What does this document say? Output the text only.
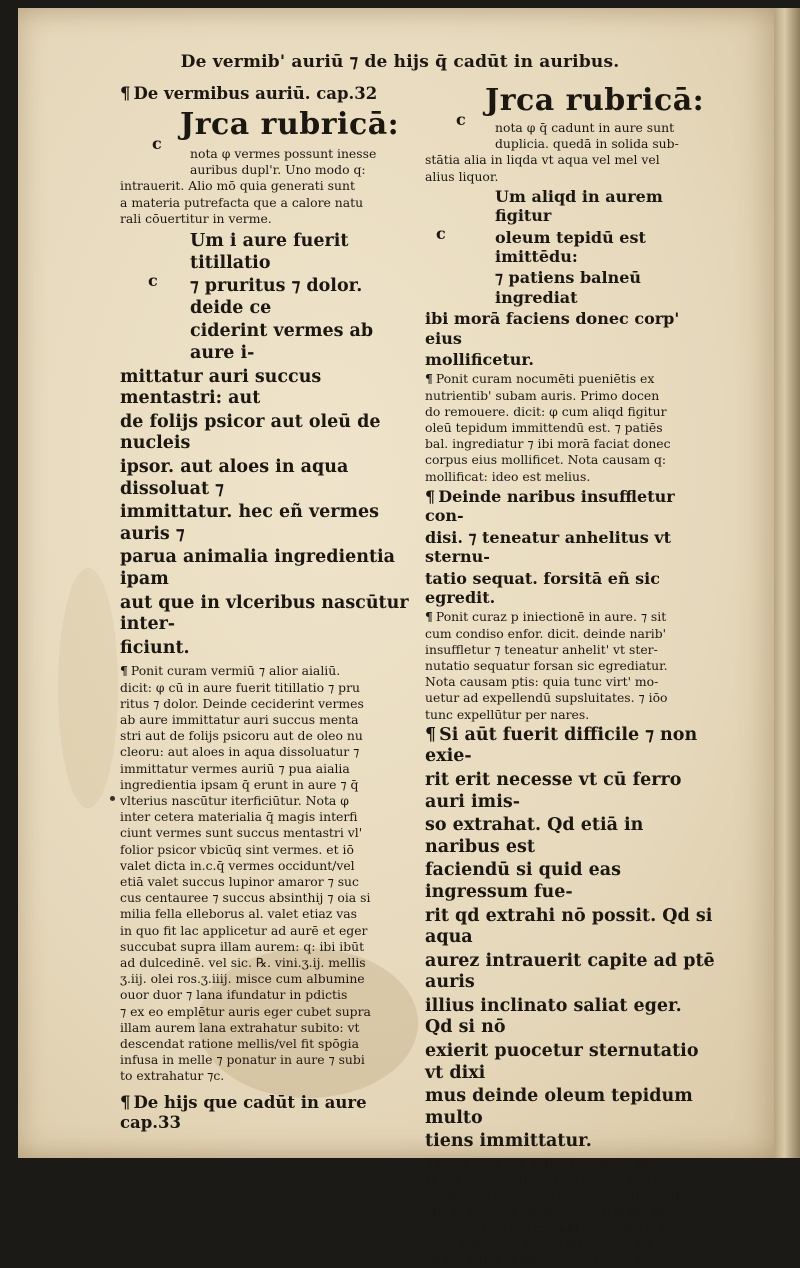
De vermib' auriū ⁊ de hijs q̄ cadūt in auribus.
c
c
c
c
¶ De vermibus auriū. cap.32
Jrca rubricā:
nota φ vermes possunt inesse
auribus dupl'r. Uno modo q:
intrauerit. Alio mō quia generati sunt
a materia putrefacta que a calore natu
rali cōuertitur in verme.
Um i aure fuerit titillatio
⁊ pruritus ⁊ dolor. deide ce
ciderint vermes ab aure i-
mittatur auri succus mentastri: aut
de folijs psicor aut oleū de nucleis
ipsor. aut aloes in aqua dissoluat ⁊
immittatur. hec eñ vermes auris ⁊
parua animalia ingredientia ipam
aut que in vlceribus nascūtur inter-
ficiunt.
¶ Ponit curam vermiū ⁊ alior aialiū.
dicit: φ cū in aure fuerit titillatio ⁊ pru
ritus ⁊ dolor. Deinde ceciderint vermes
ab aure immittatur auri succus menta
stri aut de folijs psicoru aut de oleo nu
cleoru: aut aloes in aqua dissoluatur ⁊
immittatur vermes auriū ⁊ pua aialia
ingredientia ipsam q̄ erunt in aure ⁊ q̄
vlterius nascūtur iterficiūtur. Nota φ
inter cetera materialia q̄ magis interfi
ciunt vermes sunt succus mentastri vl'
folior psicor vbicūq sint vermes. et iō
valet dicta in.c.q̄ vermes occidunt/vel
etiā valet succus lupinor amaror ⁊ suc
cus centauree ⁊ succus absinthij ⁊ oia si
milia fella elleborus al. valet etiaz vas
in quo fit lac applicetur ad aurē et eger
succubat supra illam aurem: q: ibi ibūt
ad dulcedinē. vel sic. ℞. vini.ʒ.ij. mellis
ʒ.iij. olei ros.ʒ.iiij. misce cum albumine
ouor duor ⁊ lana ifundatur in pdictis
⁊ ex eo emplētur auris eger cubet supra
illam aurem lana extrahatur subito: vt
descendat ratione mellis/vel fit spōgia
infusa in melle ⁊ ponatur in aure ⁊ subi
to extrahatur ⁊c.
¶ De hijs que cadūt in aure cap.33
Jrca rubricā:
nota φ q̄ cadunt in aure sunt
duplicia. quedā in solida sub-
stātia alia in liqda vt aqua vel mel vel
alius liquor.
Um aliqd in aurem figitur
oleum tepidū est imittēdu:
⁊ patiens balneū ingrediat
ibi morā faciens donec corp' eius
mollificetur.
¶ Ponit curam nocumēti pueniētis ex
nutrientib' subam auris. Primo docen
do remouere. dicit: φ cum aliqd figitur
oleū tepidum immittendū est. ⁊ patiēs
bal. ingrediatur ⁊ ibi morā faciat donec
corpus eius mollificet. Nota causam q:
mollificat: ideo est melius.
¶ Deinde naribus insuffletur con-
disi. ⁊ teneatur anhelitus vt sternu-
tatio sequat. forsitā eñ sic egredit.
¶ Ponit curaz p iniectionē in aure. ⁊ sit
cum condiso enfor. dicit. deinde narib'
insuffletur ⁊ teneatur anhelit' vt ster-
nutatio sequatur forsan sic egrediatur.
Nota causam ptis: quia tunc virt' mo-
uetur ad expellendū supsluitates. ⁊ iōo
tunc expellūtur per nares.
¶ Si aūt fuerit difficile ⁊ non exie-
rit erit necesse vt cū ferro auri imis-
so extrahat. Qd etiā in naribus est
faciendū si quid eas ingressum fue-
rit qd extrahi nō possit. Qd si aqua
aurez intrauerit capite ad ptē auris
illius inclinato saliat eger. Qd si nō
exierit puocetur sternutatio vt dixi
mus deinde oleum tepidum multo
tiens immittatur.
¶ Ponit curā per ingressum aque. dicit:
si aūt fuerit difficile ⁊ nō exierit erit ne
cesse cum ferro auri imisso extrahere: q:
etiā in naribus est faciendū si φ eas in-
gressum fuerit φ extrahi nō posset φ si
aqua intrauerit capite ad partem au-
ris illi' iclinato saliat eger. ⁊ si nō exie-
